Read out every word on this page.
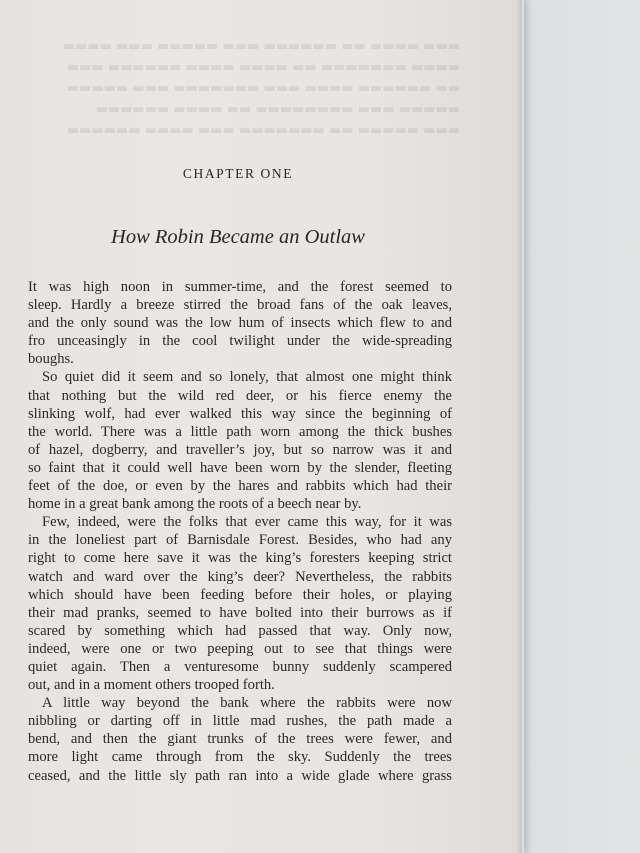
▬▬▬ ▬▬▬▬ ▬▬ ▬▬▬▬▬▬ ▬▬▬ ▬▬▬▬▬ ▬▬▬ ▬▬▬▬
▬▬▬▬ ▬▬▬▬▬▬▬ ▬▬ ▬▬▬▬ ▬▬▬▬ ▬▬▬▬▬▬ ▬▬▬
▬▬ ▬▬▬▬▬▬ ▬▬▬▬ ▬▬▬ ▬▬▬▬▬▬▬ ▬▬▬ ▬▬▬▬▬
▬▬▬▬▬ ▬▬▬ ▬▬▬▬▬▬▬▬ ▬▬ ▬▬▬▬ ▬▬▬▬▬▬
▬▬▬ ▬▬▬▬▬ ▬▬ ▬▬▬▬▬▬▬ ▬▬▬ ▬▬▬▬ ▬▬▬▬▬▬
CHAPTER ONE
How Robin Became an Outlaw
It was high noon in summer-time, and the forest seemed to
sleep. Hardly a breeze stirred the broad fans of the oak leaves,
and the only sound was the low hum of insects which flew to and
fro unceasingly in the cool twilight under the wide-spreading
boughs.
So quiet did it seem and so lonely, that almost one might think
that nothing but the wild red deer, or his fierce enemy the
slinking wolf, had ever walked this way since the beginning of
the world. There was a little path worn among the thick bushes
of hazel, dogberry, and traveller’s joy, but so narrow was it and
so faint that it could well have been worn by the slender, fleeting
feet of the doe, or even by the hares and rabbits which had their
home in a great bank among the roots of a beech near by.
Few, indeed, were the folks that ever came this way, for it was
in the loneliest part of Barnisdale Forest. Besides, who had any
right to come here save it was the king’s foresters keeping strict
watch and ward over the king’s deer? Nevertheless, the rabbits
which should have been feeding before their holes, or playing
their mad pranks, seemed to have bolted into their burrows as if
scared by something which had passed that way. Only now,
indeed, were one or two peeping out to see that things were
quiet again. Then a venturesome bunny suddenly scampered
out, and in a moment others trooped forth.
A little way beyond the bank where the rabbits were now
nibbling or darting off in little mad rushes, the path made a
bend, and then the giant trunks of the trees were fewer, and
more light came through from the sky. Suddenly the trees
ceased, and the little sly path ran into a wide glade where grass
